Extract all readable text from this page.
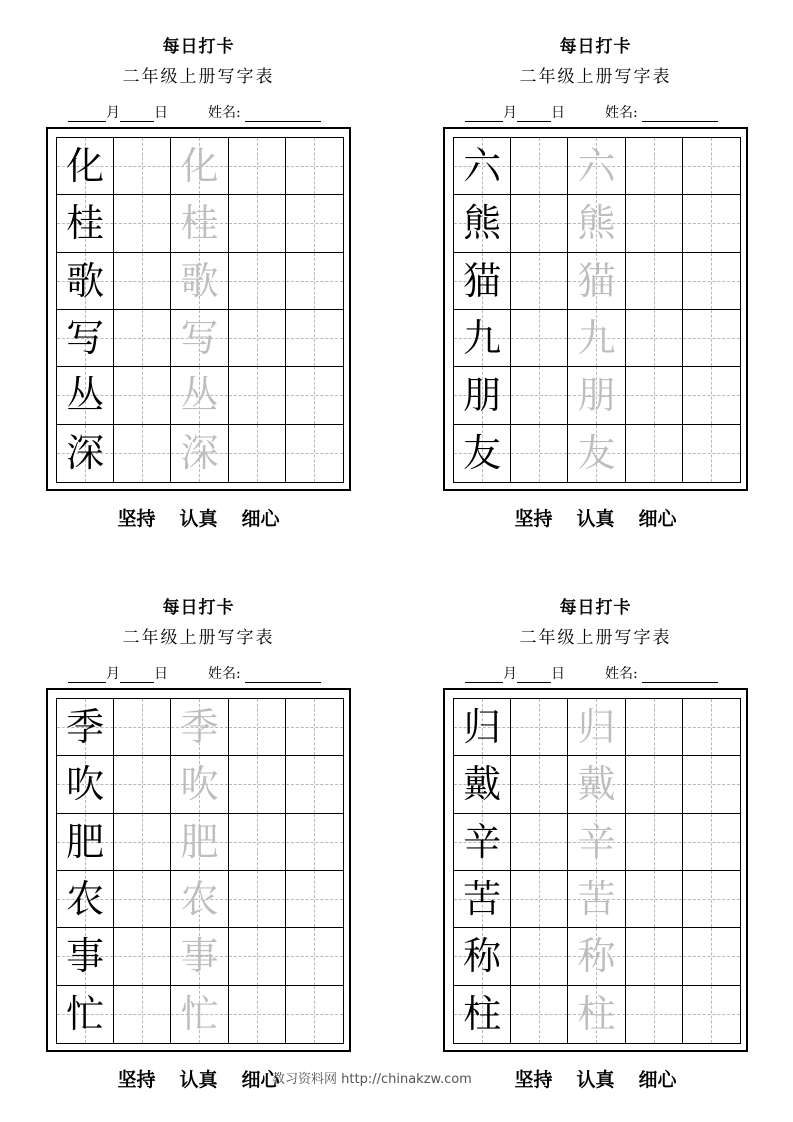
每日打卡
二年级上册写字表
月 日	姓名:
化 化
桂 桂
歌 歌
写 写
丛 丛
深 深
坚持 认真 细心
每日打卡
二年级上册写字表
月 日	姓名:
六 六
熊 熊
猫 猫
九 九
朋 朋
友 友
坚持 认真 细心
每日打卡
二年级上册写字表
月 日	姓名:
季 季
吹 吹
肥 肥
农 农
事 事
忙 忙
坚持 认真 细心
每日打卡
二年级上册写字表
月 日	姓名:
归 归
戴 戴
辛 辛
苦 苦
称 称
柱 柱
坚持 认真 细心
教习资料网 http://chinakzw.com
